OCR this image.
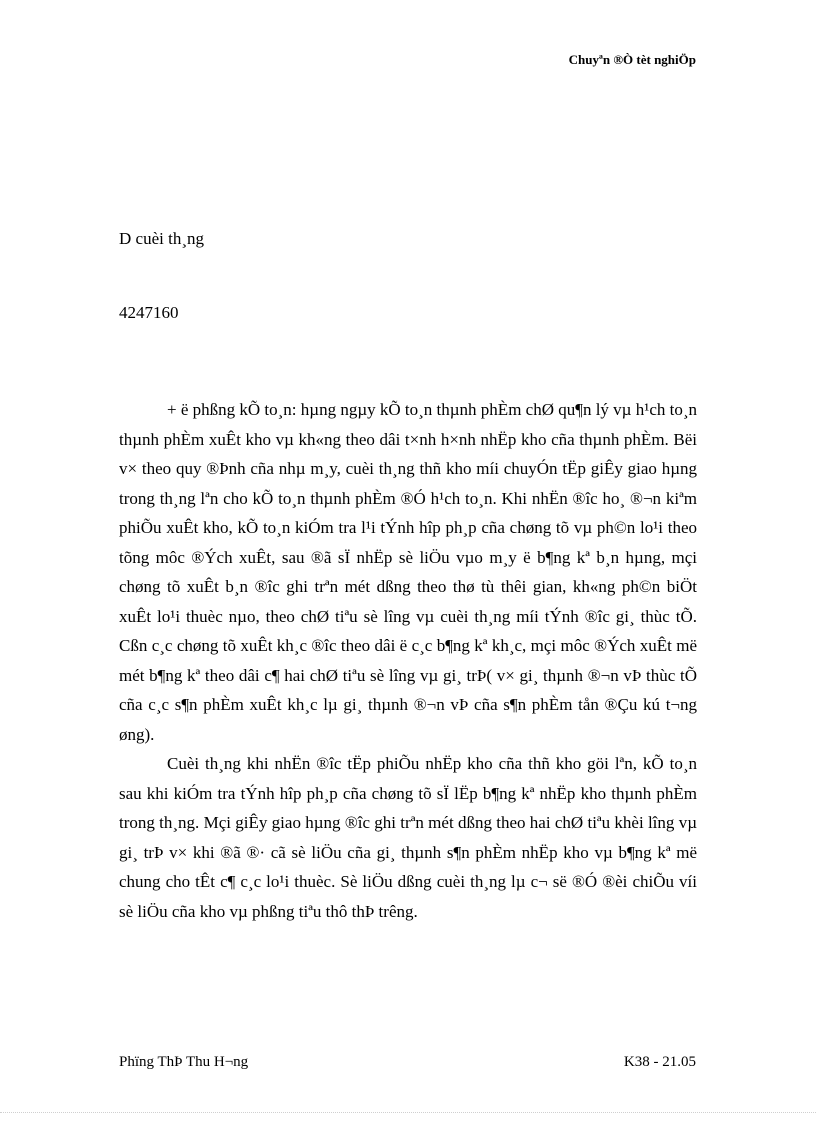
Chuyªn ®Ò tèt nghiÖp
D cuèi th¸ng
4247160

+ ë phßng kÕ to¸n: hµng ngµy kÕ to¸n thµnh phÈm chØ qu¶n lý vµ h¹ch to¸n thµnh phÈm xuÊt kho vµ kh«ng theo dâi t×nh h×nh nhËp kho cña thµnh phÈm. Bëi v× theo quy ®Þnh cña nhµ m¸y, cuèi th¸ng thñ kho míi chuyÓn tËp giÊy giao hµng trong th¸ng lªn cho kÕ to¸n thµnh phÈm ®Ó h¹ch to¸n. Khi nhËn ®îc ho¸ ®¬n kiªm phiÕu xuÊt kho, kÕ to¸n kiÓm tra l¹i tÝnh hîp ph¸p cña chøng tõ vµ ph©n lo¹i theo tõng môc ®Ých xuÊt, sau ®ã sÏ nhËp sè liÖu vµo m¸y ë b¶ng kª b¸n hµng, mçi chøng tõ xuÊt b¸n ®îc ghi trªn mét dßng theo thø tù thêi gian, kh«ng ph©n biÖt xuÊt lo¹i thuèc nµo, theo chØ tiªu sè lîng vµ cuèi th¸ng míi tÝnh ®îc gi¸ thùc tÕ. Cßn c¸c chøng tõ xuÊt kh¸c ®îc theo dâi ë c¸c b¶ng kª kh¸c, mçi môc ®Ých xuÊt më mét b¶ng kª theo dâi c¶ hai chØ tiªu sè lîng vµ gi¸ trÞ( v× gi¸ thµnh ®¬n vÞ thùc tÕ cña c¸c s¶n phÈm xuÊt kh¸c lµ gi¸ thµnh ®¬n vÞ cña s¶n phÈm tån ®Çu kú t¬ng øng).

Cuèi th¸ng khi nhËn ®îc tËp phiÕu nhËp kho cña thñ kho göi lªn, kÕ to¸n sau khi kiÓm tra tÝnh hîp ph¸p cña chøng tõ sÏ lËp b¶ng kª nhËp kho thµnh phÈm trong th¸ng. Mçi giÊy giao hµng ®îc ghi trªn mét dßng theo hai chØ tiªu khèi lîng vµ gi¸ trÞ v× khi ®ã ®· cã sè liÖu cña gi¸ thµnh s¶n phÈm nhËp kho vµ b¶ng kª më chung cho tÊt c¶ c¸c lo¹i thuèc. Sè liÖu dßng cuèi th¸ng lµ c¬ së ®Ó ®èi chiÕu víi sè liÖu cña kho vµ phßng tiªu thô thÞ trêng.

Phïng ThÞ Thu H¬ng	K38 - 21.05
